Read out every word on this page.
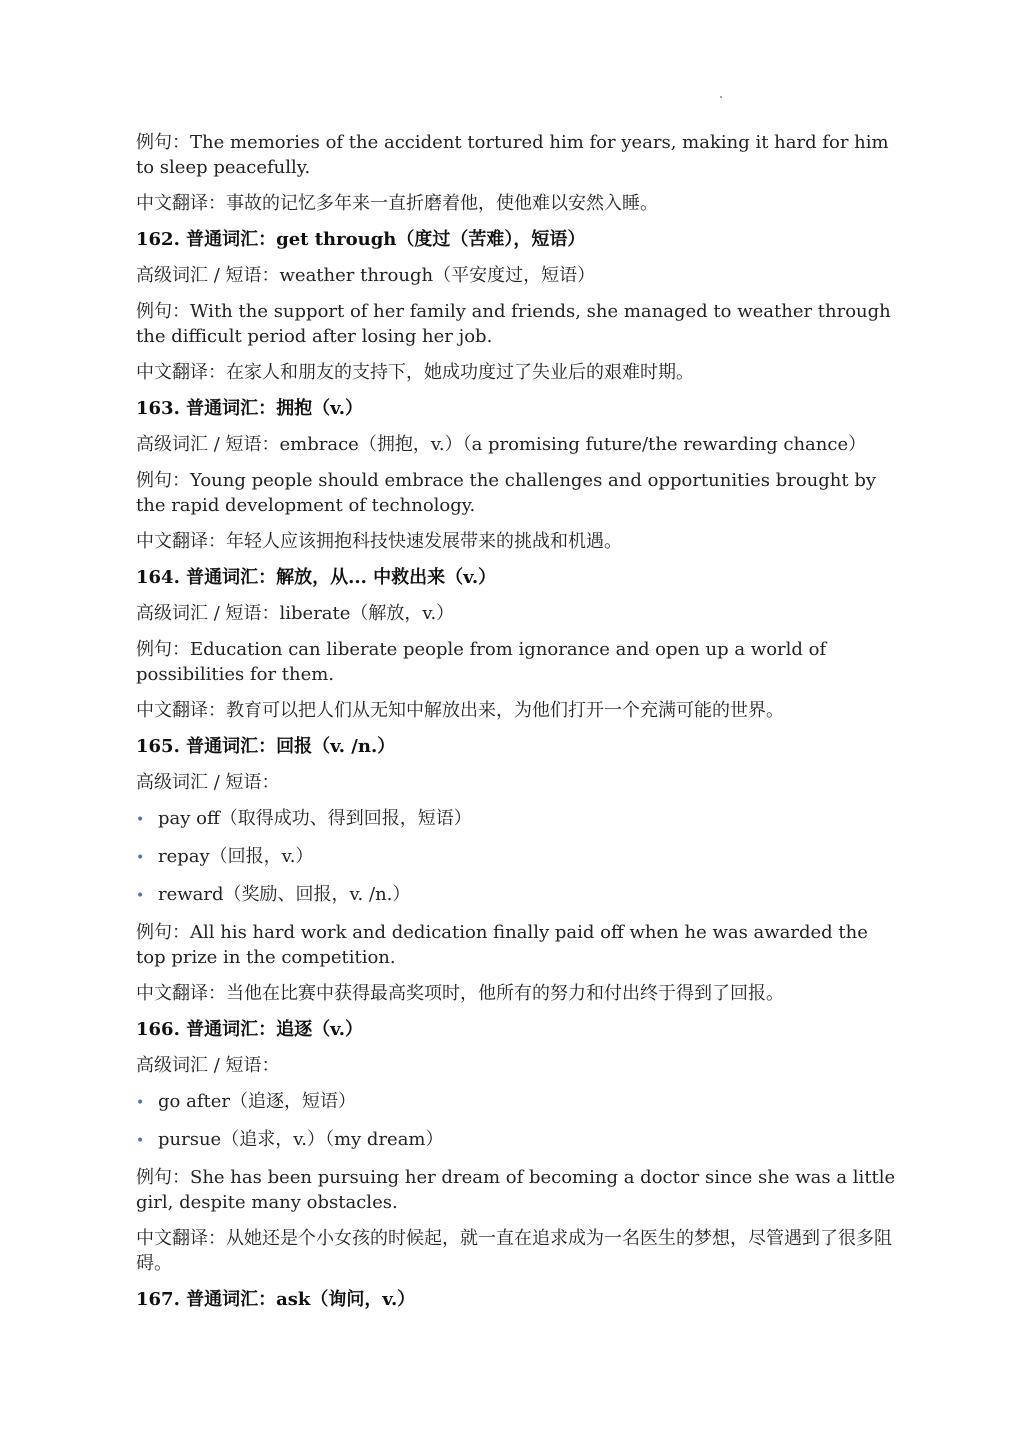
例句：The memories of the accident tortured him for years, making it hard for him to sleep peacefully.

中文翻译：事故的记忆多年来一直折磨着他，使他难以安然入睡。

162. 普通词汇：get through（度过（苦难），短语）

高级词汇 / 短语：weather through（平安度过，短语）

例句：With the support of her family and friends, she managed to weather through the difficult period after losing her job.

中文翻译：在家人和朋友的支持下，她成功度过了失业后的艰难时期。

163. 普通词汇：拥抱（v.）

高级词汇 / 短语：embrace（拥抱，v.）（a promising future/the rewarding chance）

例句：Young people should embrace the challenges and opportunities brought by the rapid development of technology.

中文翻译：年轻人应该拥抱科技快速发展带来的挑战和机遇。

164. 普通词汇：解放，从... 中救出来（v.）

高级词汇 / 短语：liberate（解放，v.）

例句：Education can liberate people from ignorance and open up a world of possibilities for them.

中文翻译：教育可以把人们从无知中解放出来，为他们打开一个充满可能的世界。

165. 普通词汇：回报（v. /n.）

高级词汇 / 短语：

• pay off（取得成功、得到回报，短语）
• repay（回报，v.）
• reward（奖励、回报，v. /n.）

例句：All his hard work and dedication finally paid off when he was awarded the top prize in the competition.

中文翻译：当他在比赛中获得最高奖项时，他所有的努力和付出终于得到了回报。

166. 普通词汇：追逐（v.）

高级词汇 / 短语：

• go after（追逐，短语）
• pursue（追求，v.）（my dream）

例句：She has been pursuing her dream of becoming a doctor since she was a little girl, despite many obstacles.

中文翻译：从她还是个小女孩的时候起，就一直在追求成为一名医生的梦想，尽管遇到了很多阻碍。

167. 普通词汇：ask（询问，v.）
